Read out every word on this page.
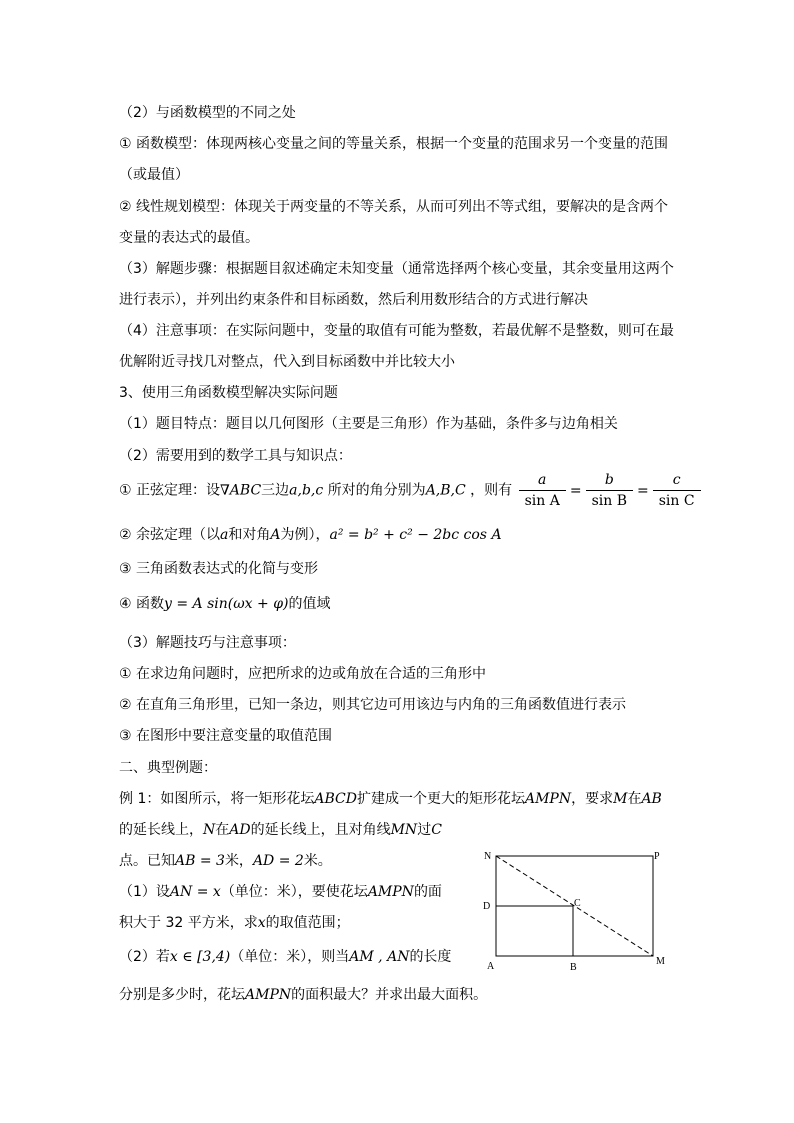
（2）与函数模型的不同之处
① 函数模型：体现两核心变量之间的等量关系，根据一个变量的范围求另一个变量的范围
（或最值）
② 线性规划模型：体现关于两变量的不等关系，从而可列出不等式组，要解决的是含两个
变量的表达式的最值。
（3）解题步骤：根据题目叙述确定未知变量（通常选择两个核心变量，其余变量用这两个
进行表示），并列出约束条件和目标函数，然后利用数形结合的方式进行解决
（4）注意事项：在实际问题中，变量的取值有可能为整数，若最优解不是整数，则可在最
优解附近寻找几对整点，代入到目标函数中并比较大小
3、使用三角函数模型解决实际问题
（1）题目特点：题目以几何图形（主要是三角形）作为基础，条件多与边角相关
（2）需要用到的数学工具与知识点：
① 正弦定理：设∇ABC三边a,b,c 所对的角分别为A,B,C ，则有 $\frac{a}{\text{sin A}} = \frac{b}{\text{sin B}} = \frac{c}{\text{sin C}}$
② 余弦定理（以a和对角A为例），a² = b² + c² − 2bc cos A
③ 三角函数表达式的化简与变形
④ 函数y = A sin(ωx + φ)的值域
（3）解题技巧与注意事项：
① 在求边角问题时，应把所求的边或角放在合适的三角形中
② 在直角三角形里，已知一条边，则其它边可用该边与内角的三角函数值进行表示
③ 在图形中要注意变量的取值范围
二、典型例题：
例 1：如图所示，将一矩形花坛ABCD扩建成一个更大的矩形花坛AMPN，要求M在AB
的延长线上，N在AD的延长线上，且对角线MN过C
点。已知AB = 3米，AD = 2米。
（1）设AN = x（单位：米），要使花坛AMPN的面
积大于 32 平方米，求x的取值范围；
（2）若x ∈ [3,4)（单位：米），则当AM , AN的长度
分别是多少时，花坛AMPN的面积最大？并求出最大面积。
N	P
D	C
A	B
M
